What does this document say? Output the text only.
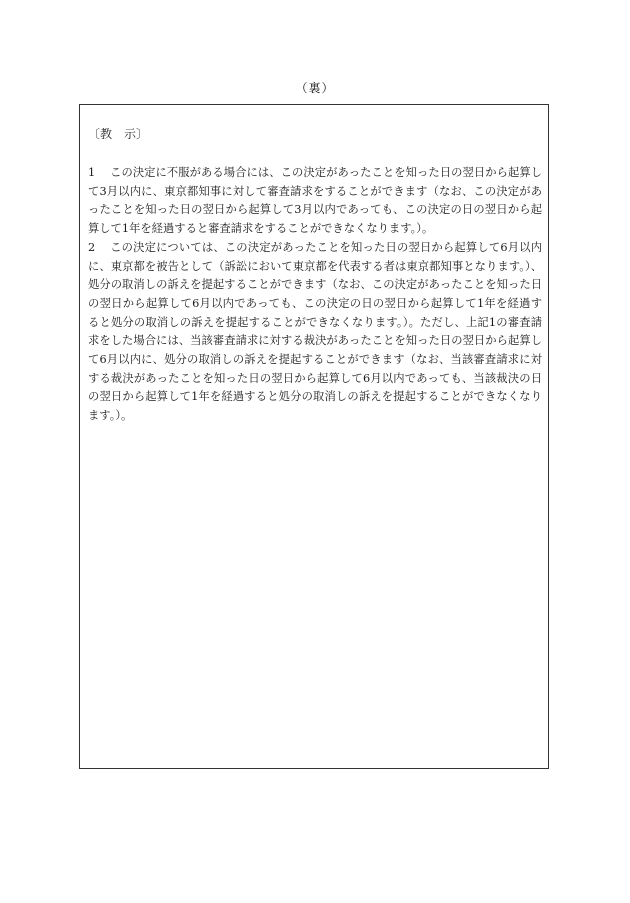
（裏）
〔教　示〕
1 この決定に不服がある場合には、この決定があったことを知った日の翌日から起算して3月以内に、東京都知事に対して審査請求をすることができます（なお、この決定があったことを知った日の翌日から起算して3月以内であっても、この決定の日の翌日から起算して1年を経過すると審査請求をすることができなくなります。）。
2 この決定については、この決定があったことを知った日の翌日から起算して6月以内に、東京都を被告として（訴訟において東京都を代表する者は東京都知事となります。）、処分の取消しの訴えを提起することができます（なお、この決定があったことを知った日の翌日から起算して6月以内であっても、この決定の日の翌日から起算して1年を経過すると処分の取消しの訴えを提起することができなくなります。）。ただし、上記1の審査請求をした場合には、当該審査請求に対する裁決があったことを知った日の翌日から起算して6月以内に、処分の取消しの訴えを提起することができます（なお、当該審査請求に対する裁決があったことを知った日の翌日から起算して6月以内であっても、当該裁決の日の翌日から起算して1年を経過すると処分の取消しの訴えを提起することができなくなります。）。
